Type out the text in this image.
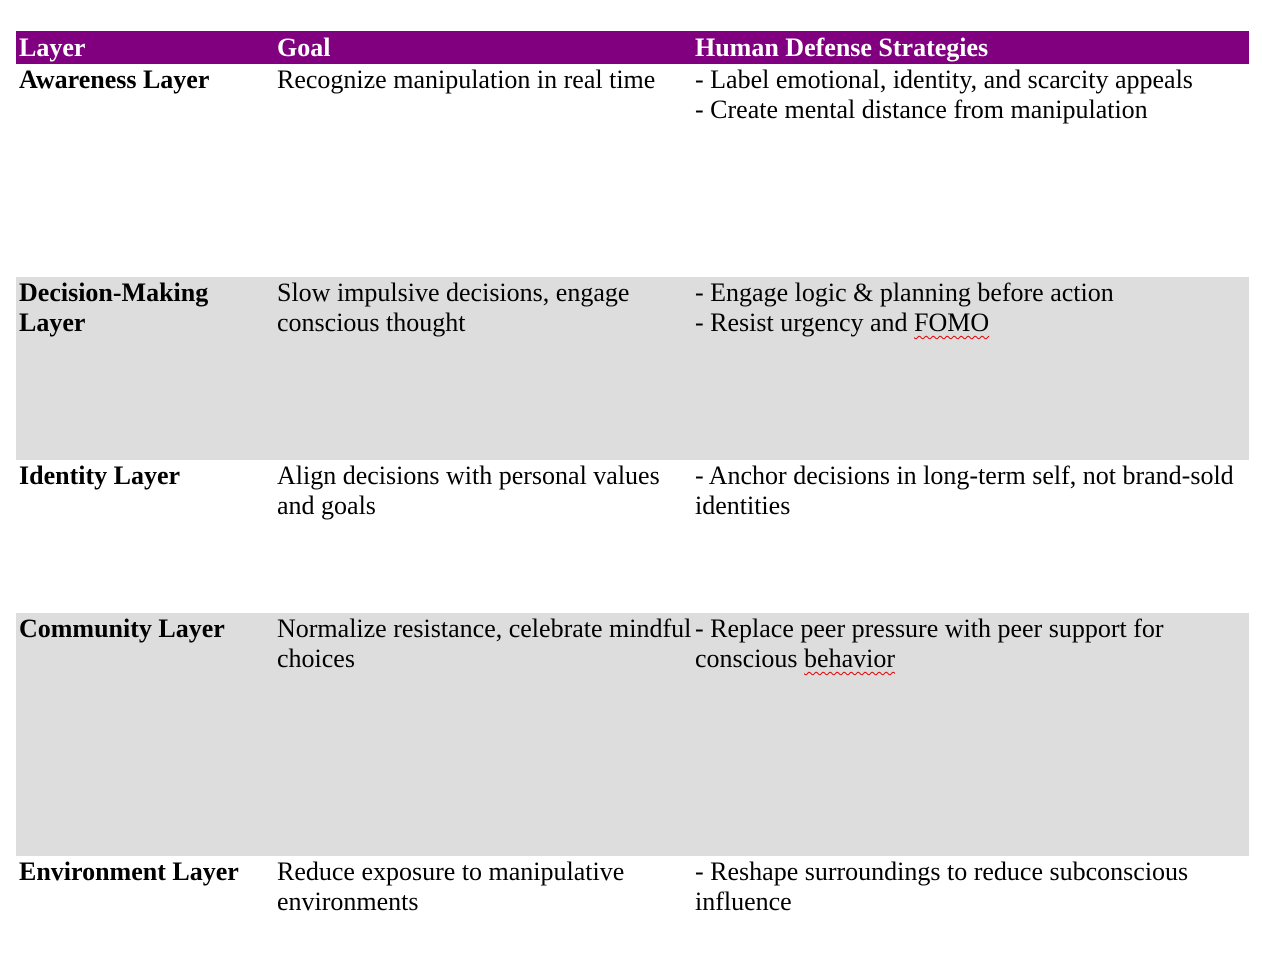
Layer	Goal	Human Defense Strategies
Awareness Layer	Recognize manipulation in real time	- Label emotional, identity, and scarcity appeals
- Create mental distance from manipulation

Decision-Making Layer	Slow impulsive decisions, engage conscious thought	- Engage logic & planning before action
- Resist urgency and FOMO

Identity Layer	Align decisions with personal values and goals	- Anchor decisions in long-term self, not brand-sold identities

Community Layer	Normalize resistance, celebrate mindful choices	- Replace peer pressure with peer support for conscious behavior

Environment Layer	Reduce exposure to manipulative environments	- Reshape surroundings to reduce subconscious influence
